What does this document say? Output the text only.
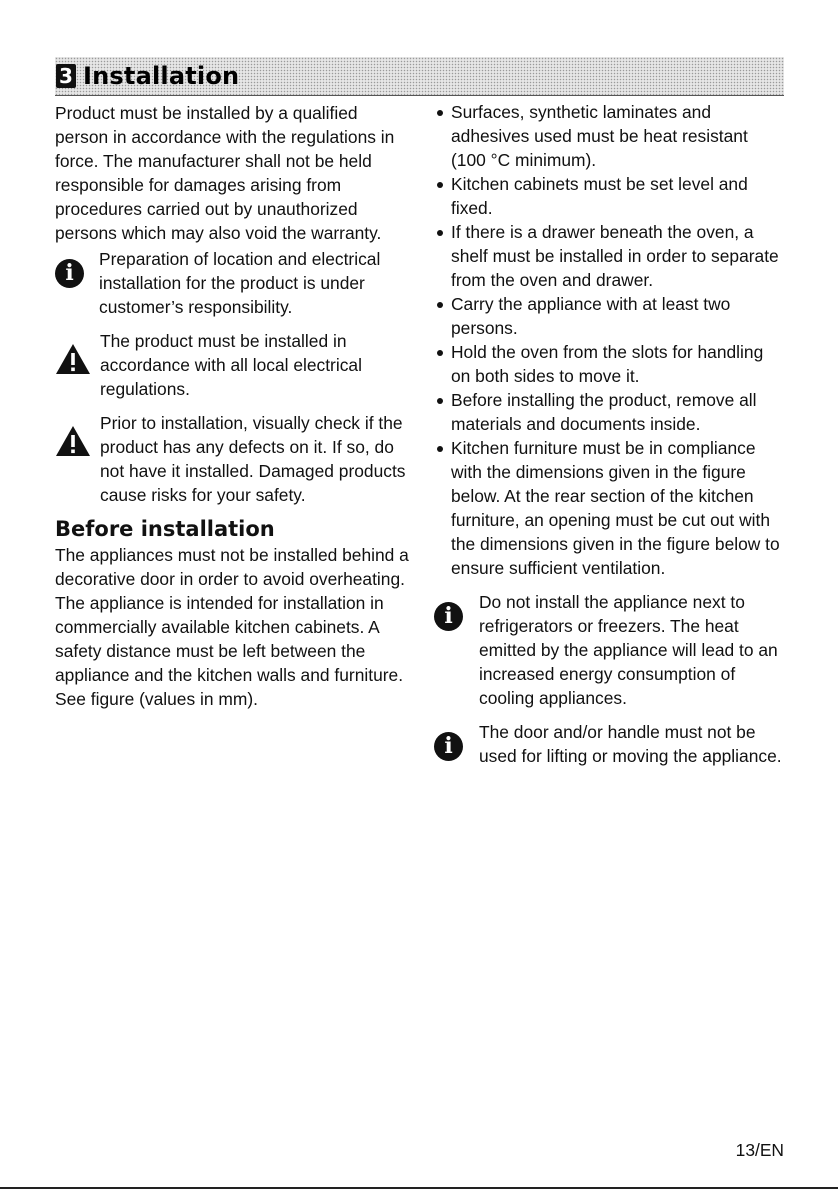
3 Installation

Product must be installed by a qualified person in accordance with the regulations in force. The manufacturer shall not be held responsible for damages arising from procedures carried out by unauthorized persons which may also void the warranty.

i

Preparation of location and electrical installation for the product is under customer’s responsibility.

The product must be installed in accordance with all local electrical regulations.

Prior to installation, visually check if the product has any defects on it. If so, do not have it installed. Damaged products cause risks for your safety.

Before installation

The appliances must not be installed behind a decorative door in order to avoid overheating.

The appliance is intended for installation in commercially available kitchen cabinets. A safety distance must be left between the appliance and the kitchen walls and furniture. See figure (values in mm).

Surfaces, synthetic laminates and adhesives used must be heat resistant (100 °C minimum).
Kitchen cabinets must be set level and fixed.
If there is a drawer beneath the oven, a shelf must be installed in order to separate from the oven and drawer.
Carry the appliance with at least two persons.
Hold the oven from the slots for handling on both sides to move it.
Before installing the product, remove all materials and documents inside.
Kitchen furniture must be in compliance with the dimensions given in the figure below. At the rear section of the kitchen furniture, an opening must be cut out with the dimensions given in the figure below to ensure sufficient ventilation.
i

Do not install the appliance next to refrigerators or freezers. The heat emitted by the appliance will lead to an increased energy consumption of cooling appliances.

i

The door and/or handle must not be used for lifting or moving the appliance.

13/EN
